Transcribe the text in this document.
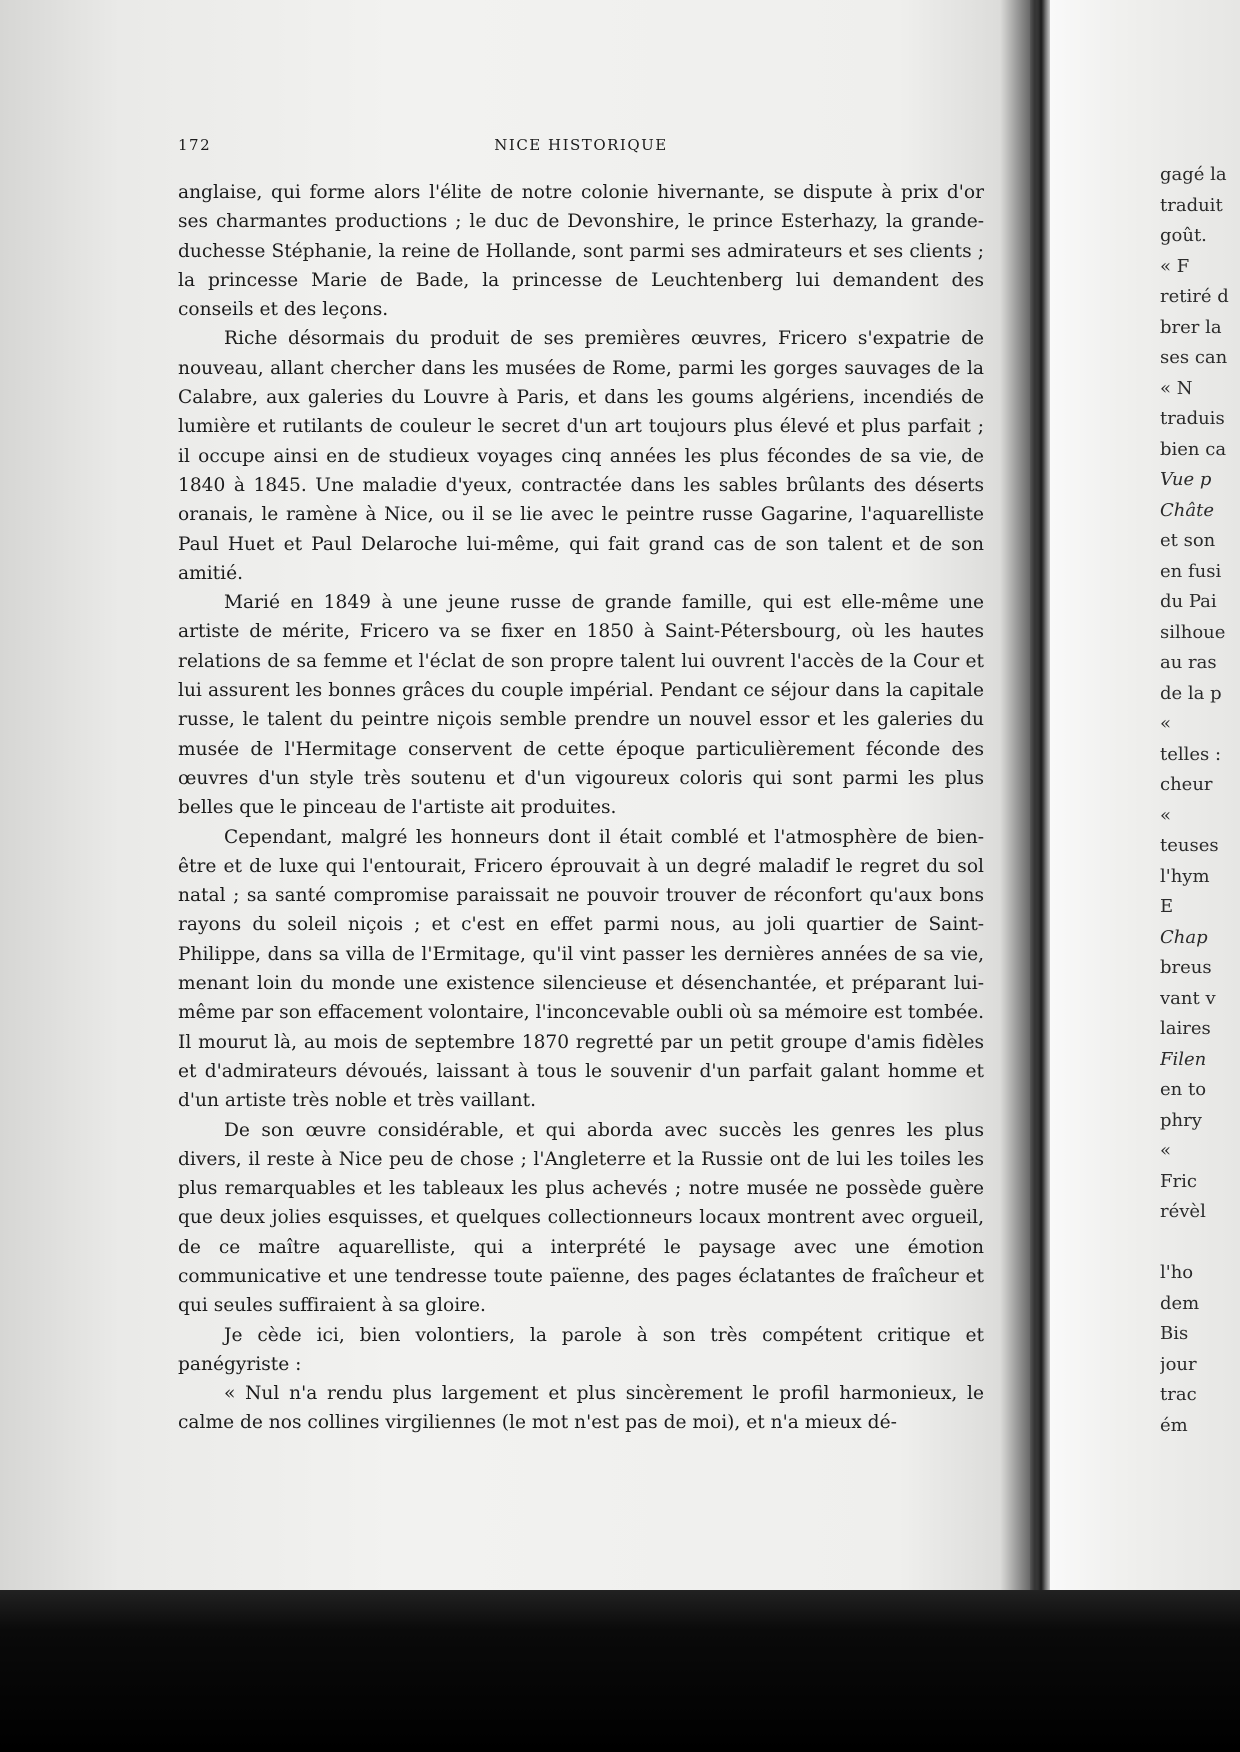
172	NICE HISTORIQUE

anglaise, qui forme alors l'élite de notre colonie hivernante, se dispute à prix d'or ses charmantes productions ; le duc de Devonshire, le prince Esterhazy, la grande-duchesse Stéphanie, la reine de Hollande, sont parmi ses admirateurs et ses clients ; la princesse Marie de Bade, la princesse de Leuchtenberg lui demandent des conseils et des leçons.

Riche désormais du produit de ses premières œuvres, Fricero s'expatrie de nouveau, allant chercher dans les musées de Rome, parmi les gorges sauvages de la Calabre, aux galeries du Louvre à Paris, et dans les goums algériens, incendiés de lumière et rutilants de couleur le secret d'un art toujours plus élevé et plus parfait ; il occupe ainsi en de studieux voyages cinq années les plus fécondes de sa vie, de 1840 à 1845. Une maladie d'yeux, contractée dans les sables brûlants des déserts oranais, le ramène à Nice, ou il se lie avec le peintre russe Gagarine, l'aquarelliste Paul Huet et Paul Delaroche lui-même, qui fait grand cas de son talent et de son amitié.

Marié en 1849 à une jeune russe de grande famille, qui est elle-même une artiste de mérite, Fricero va se fixer en 1850 à Saint-Pétersbourg, où les hautes relations de sa femme et l'éclat de son propre talent lui ouvrent l'accès de la Cour et lui assurent les bonnes grâces du couple impérial. Pendant ce séjour dans la capitale russe, le talent du peintre niçois semble prendre un nouvel essor et les galeries du musée de l'Hermitage conservent de cette époque particulièrement féconde des œuvres d'un style très soutenu et d'un vigoureux coloris qui sont parmi les plus belles que le pinceau de l'artiste ait produites.

Cependant, malgré les honneurs dont il était comblé et l'atmosphère de bien-être et de luxe qui l'entourait, Fricero éprouvait à un degré maladif le regret du sol natal ; sa santé compromise paraissait ne pouvoir trouver de réconfort qu'aux bons rayons du soleil niçois ; et c'est en effet parmi nous, au joli quartier de Saint-Philippe, dans sa villa de l'Ermitage, qu'il vint passer les dernières années de sa vie, menant loin du monde une existence silencieuse et désenchantée, et préparant lui-même par son effacement volontaire, l'inconcevable oubli où sa mémoire est tombée. Il mourut là, au mois de septembre 1870 regretté par un petit groupe d'amis fidèles et d'admirateurs dévoués, laissant à tous le souvenir d'un parfait galant homme et d'un artiste très noble et très vaillant.

De son œuvre considérable, et qui aborda avec succès les genres les plus divers, il reste à Nice peu de chose ; l'Angleterre et la Russie ont de lui les toiles les plus remarquables et les tableaux les plus achevés ; notre musée ne possède guère que deux jolies esquisses, et quelques collectionneurs locaux montrent avec orgueil, de ce maître aquarelliste, qui a interprété le paysage avec une émotion communicative et une tendresse toute païenne, des pages éclatantes de fraîcheur et qui seules suffiraient à sa gloire.

Je cède ici, bien volontiers, la parole à son très compétent critique et panégyriste :

« Nul n'a rendu plus largement et plus sincèrement le profil harmonieux, le calme de nos collines virgiliennes (le mot n'est pas de moi), et n'a mieux dé-

gagé la
traduit
goût.
« F
retiré d
brer la
ses can
« N
traduis
bien ca
Vue p
Châte
et son
en fusi
du Pai
silhoue
au ras
de la p
«
telles :
cheur
«
teuses
l'hym
E
Chap
breus
vant v
laires
Filen
en to
phry
«
Fric
révèl

l'ho
dem
Bis
jour
trac
ém
